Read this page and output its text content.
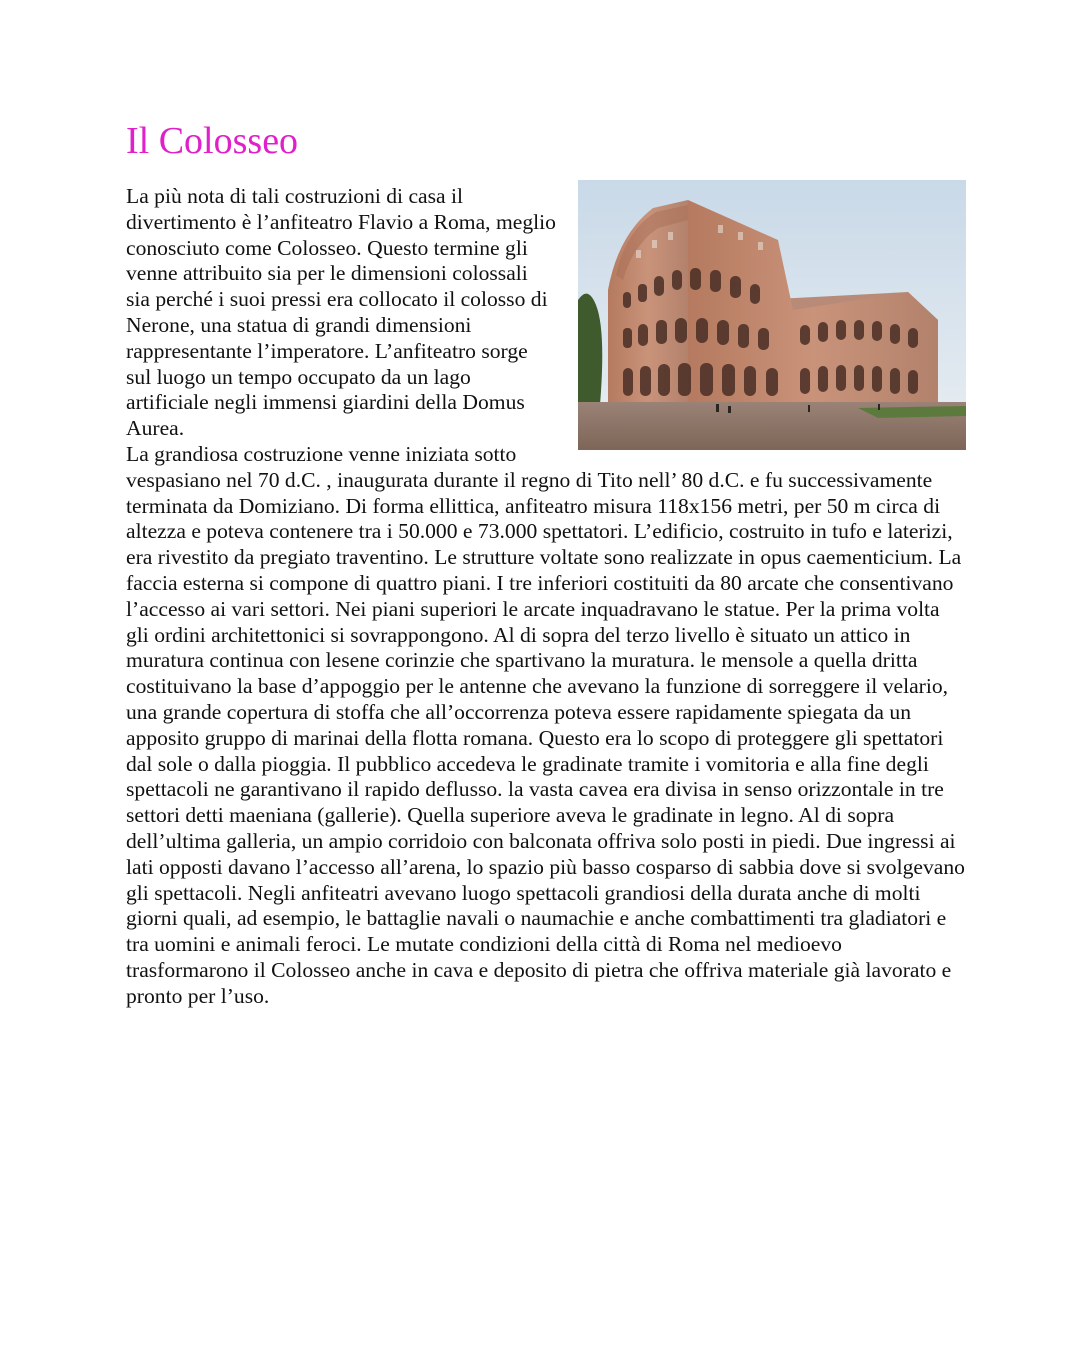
Il Colosseo

La più nota di tali costruzioni di casa il divertimento è l’anfiteatro Flavio a Roma, meglio conosciuto come Colosseo. Questo termine gli venne attribuito sia per le dimensioni colossali sia perché i suoi pressi era collocato il colosso di Nerone, una statua di grandi dimensioni rappresentante l’imperatore. L’anfiteatro sorge sul luogo un tempo occupato da un lago artificiale negli immensi giardini della Domus Aurea.

La grandiosa costruzione venne iniziata sotto vespasiano nel 70 d.C. , inaugurata durante il regno di Tito nell’ 80 d.C. e fu successivamente terminata da Domiziano. Di forma ellittica, anfiteatro misura 118x156 metri, per 50 m circa di altezza e poteva contenere tra i 50.000 e 73.000 spettatori. L’edificio, costruito in tufo e laterizi, era rivestito da pregiato traventino. Le strutture voltate sono realizzate in opus caementicium. La faccia esterna si compone di quattro piani. I tre inferiori costituiti da 80 arcate che consentivano l’accesso ai vari settori. Nei piani superiori le arcate inquadravano le statue. Per la prima volta gli ordini architettonici si sovrappongono. Al di sopra del terzo livello è situato un attico in muratura continua con lesene corinzie che spartivano la muratura. le mensole a quella dritta costituivano la base d’appoggio per le antenne che avevano la funzione di sorreggere il velario, una grande copertura di stoffa che all’occorrenza poteva essere rapidamente spiegata da un apposito gruppo di marinai della flotta romana. Questo era lo scopo di proteggere gli spettatori dal sole o dalla pioggia. Il pubblico accedeva le gradinate tramite i vomitoria e alla fine degli spettacoli ne garantivano il rapido deflusso. la vasta cavea era divisa in senso orizzontale in tre settori detti maeniana (gallerie). Quella superiore aveva le gradinate in legno. Al di sopra dell’ultima galleria, un ampio corridoio con balconata offriva solo posti in piedi. Due ingressi ai lati opposti davano l’accesso all’arena, lo spazio più basso cosparso di sabbia dove si svolgevano gli spettacoli. Negli anfiteatri avevano luogo spettacoli grandiosi della durata anche di molti giorni quali, ad esempio, le battaglie navali o naumachie e anche combattimenti tra gladiatori e tra uomini e animali feroci. Le mutate condizioni della città di Roma nel medioevo trasformarono il Colosseo anche in cava e deposito di pietra che offriva materiale già lavorato e pronto per l’uso.
